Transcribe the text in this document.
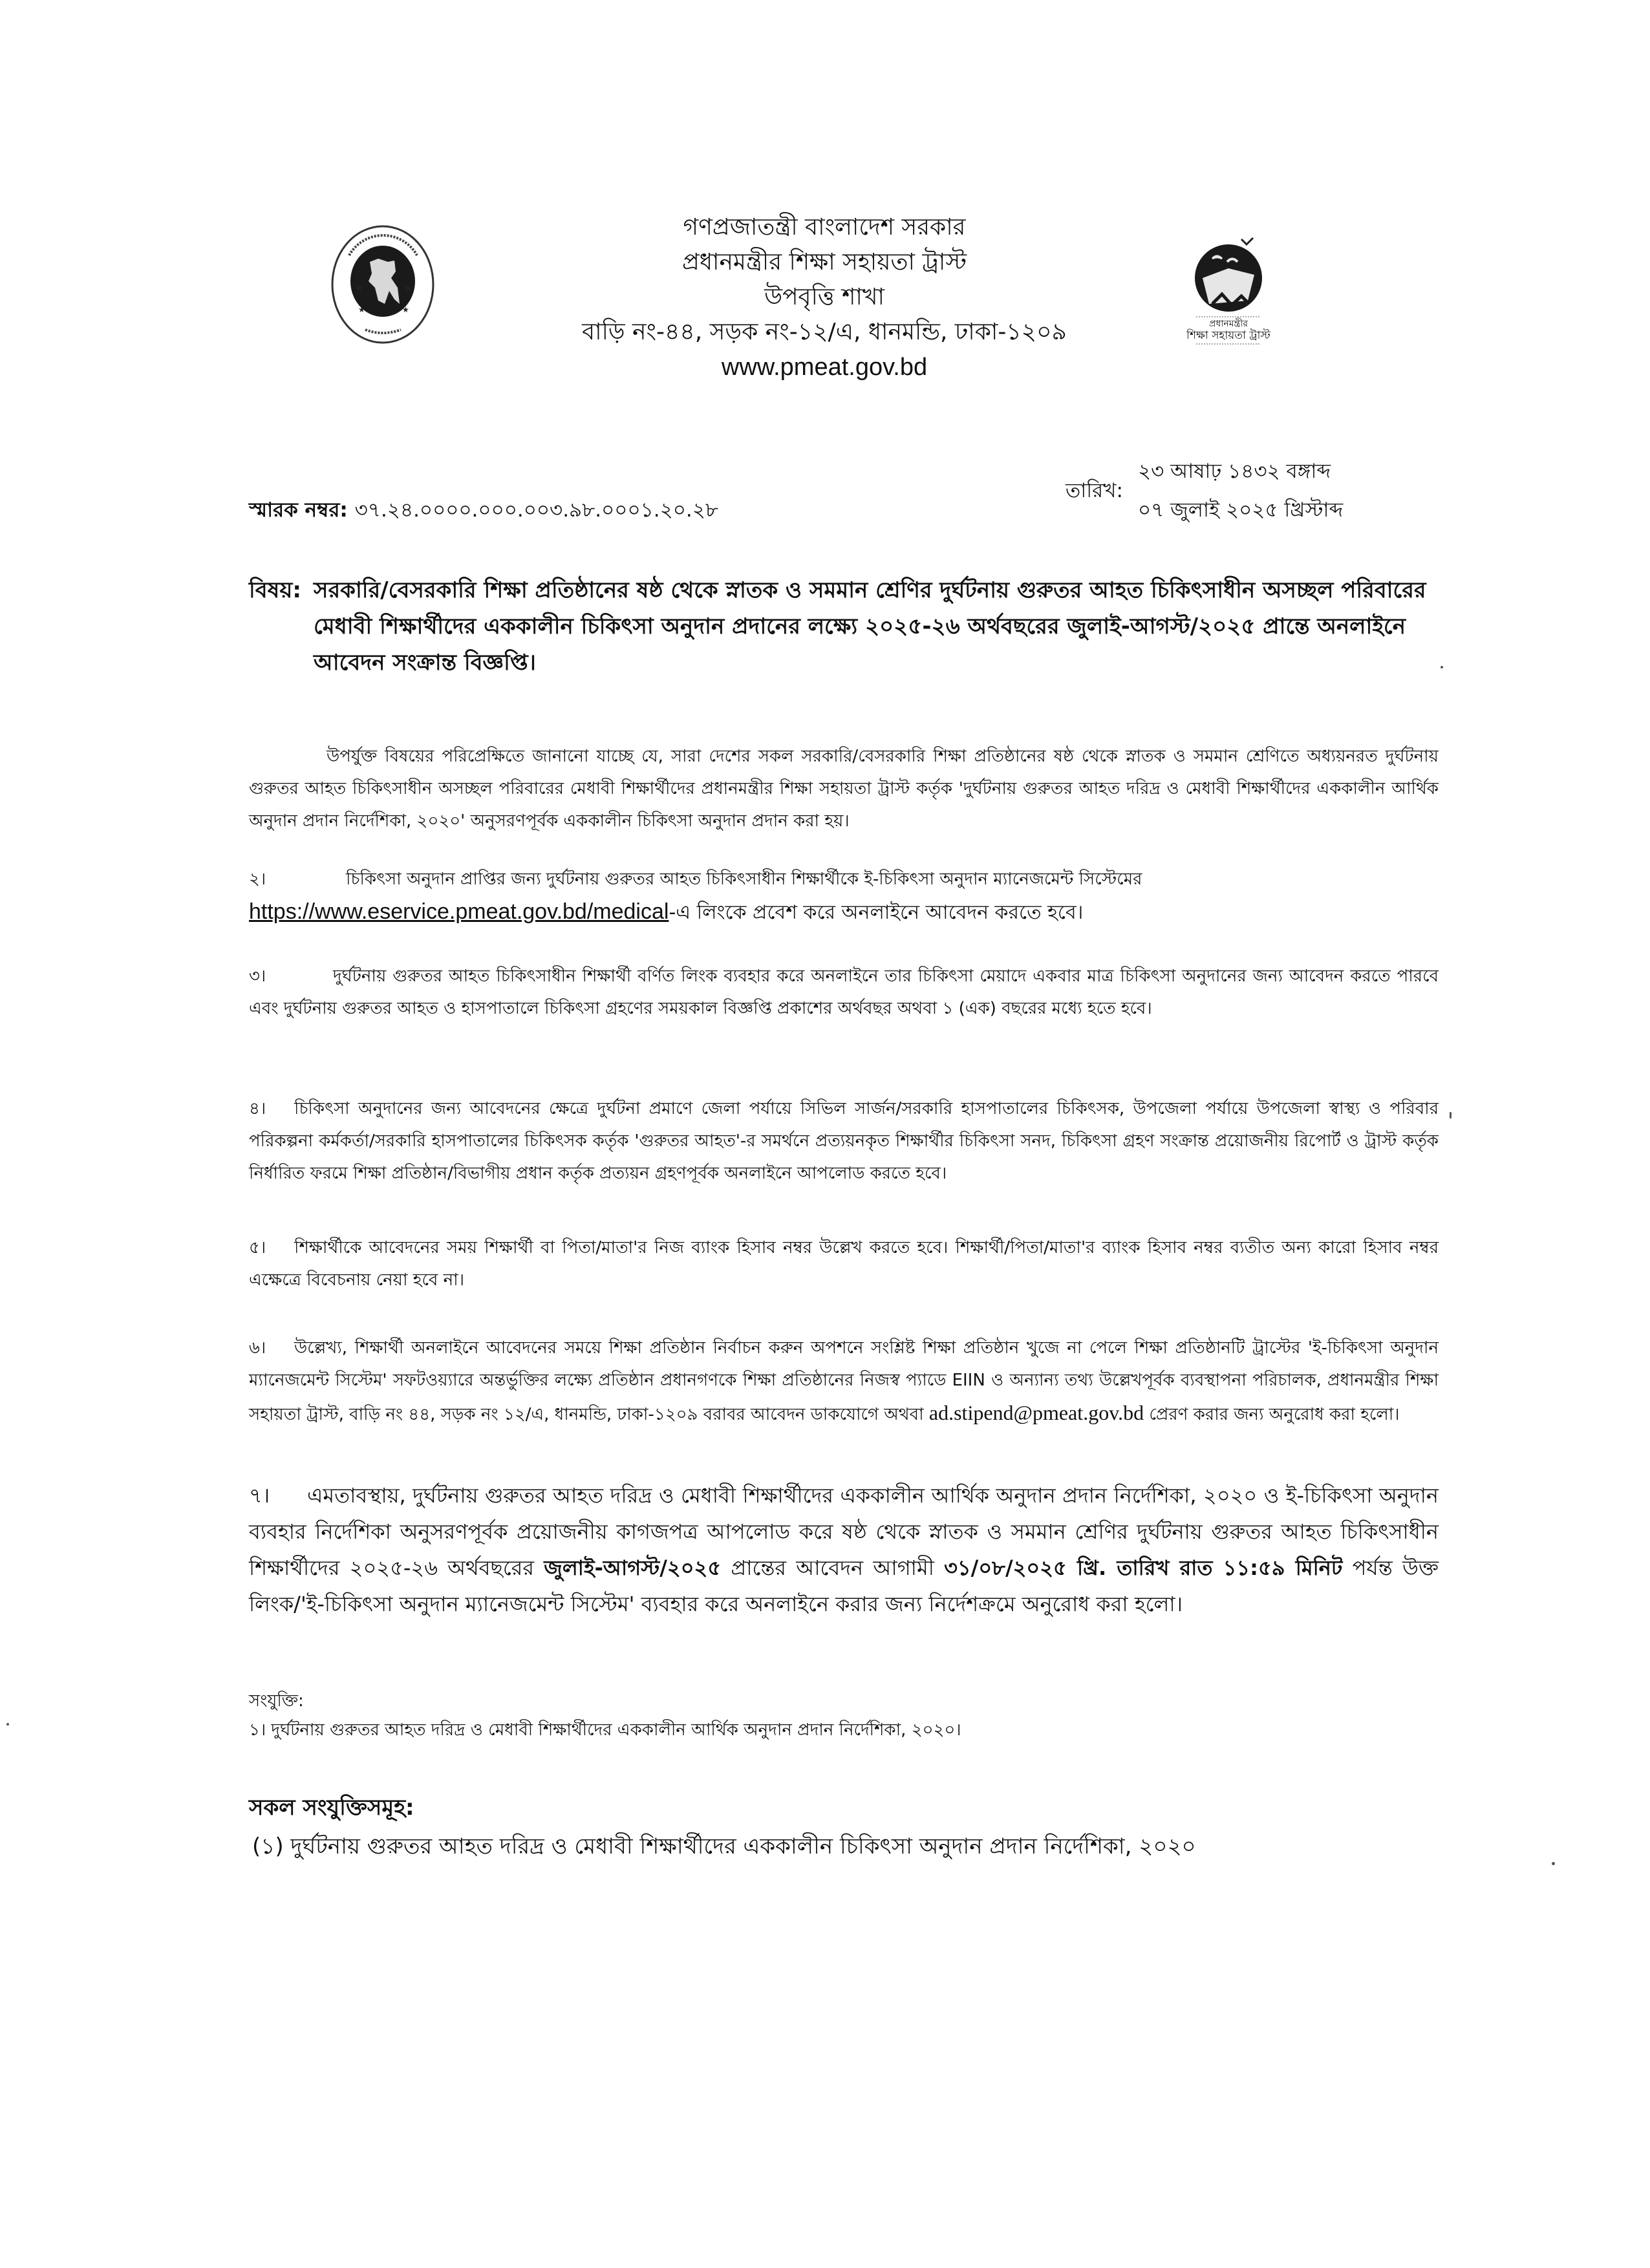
★	★
★	★
গণপ্রজাতন্ত্রী বাংলাদেশ সরকার
প্রধানমন্ত্রীর শিক্ষা সহায়তা ট্রাস্ট
উপবৃত্তি শাখা
বাড়ি নং-৪৪, সড়ক নং-১২/এ, ধানমন্ডি, ঢাকা-১২০৯
www.pmeat.gov.bd
প্রধানমন্ত্রীর
শিক্ষা সহায়তা ট্রাস্ট
স্মারক নম্বর: ৩৭.২৪.০০০০.০০০.০০৩.৯৮.০০০১.২০.২৮
তারিখ:
২৩ আষাঢ় ১৪৩২ বঙ্গাব্দ
০৭ জুলাই ২০২৫ খ্রিস্টাব্দ
বিষয়: সরকারি/বেসরকারি শিক্ষা প্রতিষ্ঠানের ষষ্ঠ থেকে স্নাতক ও সমমান শ্রেণির দুর্ঘটনায় গুরুতর আহত চিকিৎসাধীন অসচ্ছল পরিবারের মেধাবী শিক্ষার্থীদের এককালীন চিকিৎসা অনুদান প্রদানের লক্ষ্যে ২০২৫-২৬ অর্থবছরের জুলাই-আগস্ট/২০২৫ প্রান্তে অনলাইনে আবেদন সংক্রান্ত বিজ্ঞপ্তি।
উপর্যুক্ত বিষয়ের পরিপ্রেক্ষিতে জানানো যাচ্ছে যে, সারা দেশের সকল সরকারি/বেসরকারি শিক্ষা প্রতিষ্ঠানের ষষ্ঠ থেকে স্নাতক ও সমমান শ্রেণিতে অধ্যয়নরত দুর্ঘটনায় গুরুতর আহত চিকিৎসাধীন অসচ্ছল পরিবারের মেধাবী শিক্ষার্থীদের প্রধানমন্ত্রীর শিক্ষা সহায়তা ট্রাস্ট কর্তৃক 'দুর্ঘটনায় গুরুতর আহত দরিদ্র ও মেধাবী শিক্ষার্থীদের এককালীন আর্থিক অনুদান প্রদান নির্দেশিকা, ২০২০' অনুসরণপূর্বক এককালীন চিকিৎসা অনুদান প্রদান করা হয়।
২।	চিকিৎসা অনুদান প্রাপ্তির জন্য দুর্ঘটনায় গুরুতর আহত চিকিৎসাধীন শিক্ষার্থীকে ই-চিকিৎসা অনুদান ম্যানেজমেন্ট সিস্টেমের
https://www.eservice.pmeat.gov.bd/medical-এ লিংকে প্রবেশ করে অনলাইনে আবেদন করতে হবে।
৩।	দুর্ঘটনায় গুরুতর আহত চিকিৎসাধীন শিক্ষার্থী বর্ণিত লিংক ব্যবহার করে অনলাইনে তার চিকিৎসা মেয়াদে একবার মাত্র চিকিৎসা অনুদানের জন্য আবেদন করতে পারবে এবং দুর্ঘটনায় গুরুতর আহত ও হাসপাতালে চিকিৎসা গ্রহণের সময়কাল বিজ্ঞপ্তি প্রকাশের অর্থবছর অথবা ১ (এক) বছরের মধ্যে হতে হবে।
৪। চিকিৎসা অনুদানের জন্য আবেদনের ক্ষেত্রে দুর্ঘটনা প্রমাণে জেলা পর্যায়ে সিভিল সার্জন/সরকারি হাসপাতালের চিকিৎসক, উপজেলা পর্যায়ে উপজেলা স্বাস্থ্য ও পরিবার পরিকল্পনা কর্মকর্তা/সরকারি হাসপাতালের চিকিৎসক কর্তৃক 'গুরুতর আহত'-র সমর্থনে প্রত্যয়নকৃত শিক্ষার্থীর চিকিৎসা সনদ, চিকিৎসা গ্রহণ সংক্রান্ত প্রয়োজনীয় রিপোর্ট ও ট্রাস্ট কর্তৃক নির্ধারিত ফরমে শিক্ষা প্রতিষ্ঠান/বিভাগীয় প্রধান কর্তৃক প্রত্যয়ন গ্রহণপূর্বক অনলাইনে আপলোড করতে হবে।
৫। শিক্ষার্থীকে আবেদনের সময় শিক্ষার্থী বা পিতা/মাতা'র নিজ ব্যাংক হিসাব নম্বর উল্লেখ করতে হবে। শিক্ষার্থী/পিতা/মাতা'র ব্যাংক হিসাব নম্বর ব্যতীত অন্য কারো হিসাব নম্বর এক্ষেত্রে বিবেচনায় নেয়া হবে না।
৬। উল্লেখ্য, শিক্ষার্থী অনলাইনে আবেদনের সময়ে শিক্ষা প্রতিষ্ঠান নির্বাচন করুন অপশনে সংশ্লিষ্ট শিক্ষা প্রতিষ্ঠান খুজে না পেলে শিক্ষা প্রতিষ্ঠানটি ট্রাস্টের 'ই-চিকিৎসা অনুদান ম্যানেজমেন্ট সিস্টেম' সফটওয়্যারে অন্তর্ভুক্তির লক্ষ্যে প্রতিষ্ঠান প্রধানগণকে শিক্ষা প্রতিষ্ঠানের নিজস্ব প্যাডে EIIN ও অন্যান্য তথ্য উল্লেখপূর্বক ব্যবস্থাপনা পরিচালক, প্রধানমন্ত্রীর শিক্ষা সহায়তা ট্রাস্ট, বাড়ি নং ৪৪, সড়ক নং ১২/এ, ধানমন্ডি, ঢাকা-১২০৯ বরাবর আবেদন ডাকযোগে অথবা ad.stipend@pmeat.gov.bd প্রেরণ করার জন্য অনুরোধ করা হলো।
৭। এমতাবস্থায়, দুর্ঘটনায় গুরুতর আহত দরিদ্র ও মেধাবী শিক্ষার্থীদের এককালীন আর্থিক অনুদান প্রদান নির্দেশিকা, ২০২০ ও ই-চিকিৎসা অনুদান ব্যবহার নির্দেশিকা অনুসরণপূর্বক প্রয়োজনীয় কাগজপত্র আপলোড করে ষষ্ঠ থেকে স্নাতক ও সমমান শ্রেণির দুর্ঘটনায় গুরুতর আহত চিকিৎসাধীন শিক্ষার্থীদের ২০২৫-২৬ অর্থবছরের জুলাই-আগস্ট/২০২৫ প্রান্তের আবেদন আগামী ৩১/০৮/২০২৫ খ্রি. তারিখ রাত ১১:৫৯ মিনিট পর্যন্ত উক্ত লিংক/'ই-চিকিৎসা অনুদান ম্যানেজমেন্ট সিস্টেম' ব্যবহার করে অনলাইনে করার জন্য নির্দেশক্রমে অনুরোধ করা হলো।
সংযুক্তি:
১। দুর্ঘটনায় গুরুতর আহত দরিদ্র ও মেধাবী শিক্ষার্থীদের এককালীন আর্থিক অনুদান প্রদান নির্দেশিকা, ২০২০।
সকল সংযুক্তিসমূহ:
(১) দুর্ঘটনায় গুরুতর আহত দরিদ্র ও মেধাবী শিক্ষার্থীদের এককালীন চিকিৎসা অনুদান প্রদান নির্দেশিকা, ২০২০
